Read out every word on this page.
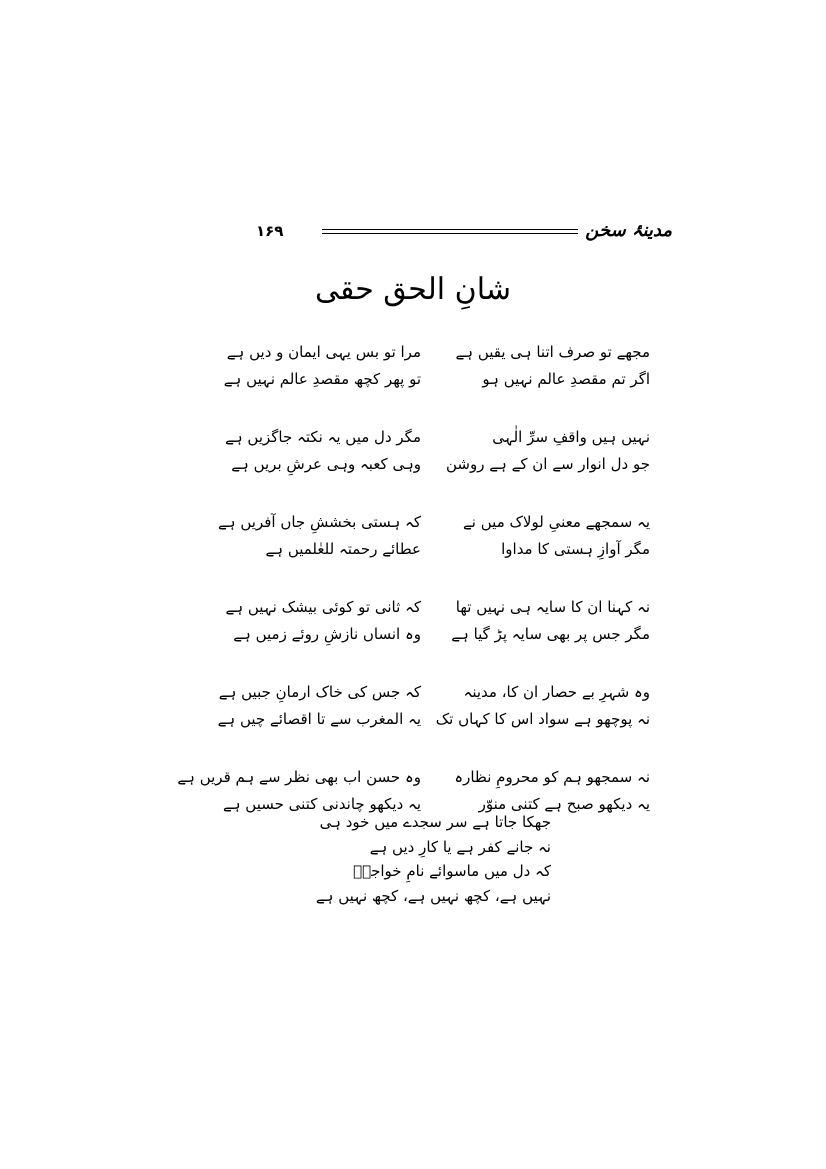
۱۶۹	مدینۂ سخن
شانِ الحق حقی
مجھے تو صرف اتنا ہی یقیں ہے
مرا تو بس یہی ایمان و دیں ہے
اگر تم مقصدِ عالم نہیں ہو
تو پھر کچھ مقصدِ عالم نہیں ہے
نہیں ہیں واقفِ سرِّ الٰہی
مگر دل میں یہ نکتہ جاگزیں ہے
جو دل انوار سے ان کے ہے روشن
وہی کعبہ وہی عرشِ بریں ہے
یہ سمجھے معنیِ لولاک میں نے
کہ ہستی بخششِ جاں آفریں ہے
مگر آوازِ ہستی کا مداوا
عطائے رحمتہ للعٰلمیں ہے
نہ کہنا ان کا سایہ ہی نہیں تھا
کہ ثانی تو کوئی بیشک نہیں ہے
مگر جس پر بھی سایہ پڑ گیا ہے
وہ انساں نازشِ روئے زمیں ہے
وہ شہرِ بے حصار ان کا، مدینہ
کہ جس کی خاک ارمانِ جبیں ہے
نہ پوچھو ہے سواد اس کا کہاں تک
یہ المغرب سے تا اقصائے چیں ہے
نہ سمجھو ہم کو محرومِ نظارہ
وہ حسن اب بھی نظر سے ہم قریں ہے
یہ دیکھو صبح ہے کتنی منوّر
یہ دیکھو چاندنی کتنی حسیں ہے
جھکا جاتا ہے سر سجدے میں خود ہی
نہ جانے کفر ہے یا کارِ دیں ہے
کہ دل میں ماسوائے نامِ خواجہؐ
نہیں ہے، کچھ نہیں ہے، کچھ نہیں ہے
